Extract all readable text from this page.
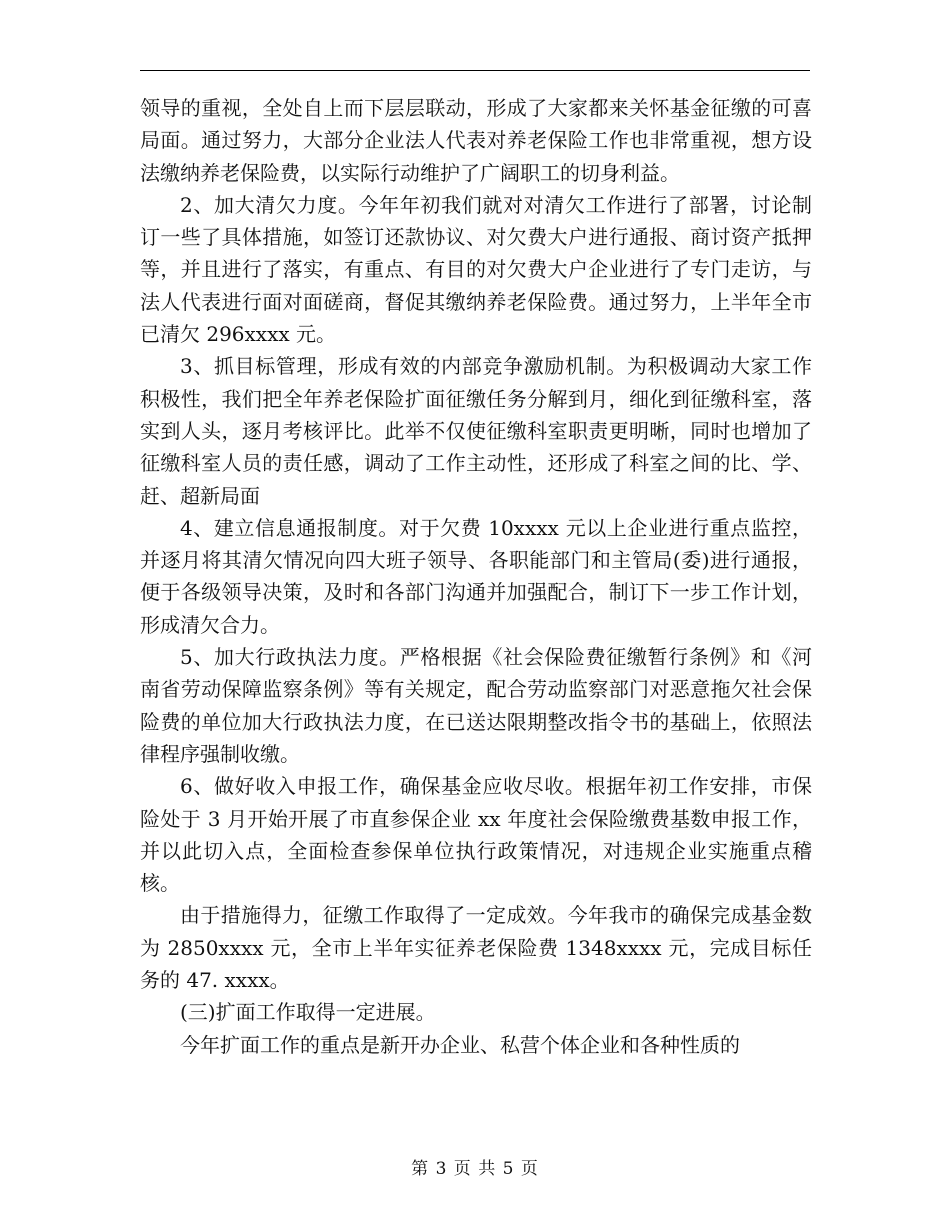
领导的重视，全处自上而下层层联动，形成了大家都来关怀基金征缴的可喜局面。通过努力，大部分企业法人代表对养老保险工作也非常重视，想方设法缴纳养老保险费，以实际行动维护了广阔职工的切身利益。

2、加大清欠力度。今年年初我们就对对清欠工作进行了部署，讨论制订一些了具体措施，如签订还款协议、对欠费大户进行通报、商讨资产抵押等，并且进行了落实，有重点、有目的对欠费大户企业进行了专门走访，与法人代表进行面对面磋商，督促其缴纳养老保险费。通过努力，上半年全市已清欠 296xxxx 元。

3、抓目标管理，形成有效的内部竞争激励机制。为积极调动大家工作积极性，我们把全年养老保险扩面征缴任务分解到月，细化到征缴科室，落实到人头，逐月考核评比。此举不仅使征缴科室职责更明晰，同时也增加了征缴科室人员的责任感，调动了工作主动性，还形成了科室之间的比、学、赶、超新局面

4、建立信息通报制度。对于欠费 10xxxx 元以上企业进行重点监控，并逐月将其清欠情况向四大班子领导、各职能部门和主管局(委)进行通报，便于各级领导决策，及时和各部门沟通并加强配合，制订下一步工作计划，形成清欠合力。

5、加大行政执法力度。严格根据《社会保险费征缴暂行条例》和《河南省劳动保障监察条例》等有关规定，配合劳动监察部门对恶意拖欠社会保险费的单位加大行政执法力度，在已送达限期整改指令书的基础上，依照法律程序强制收缴。

6、做好收入申报工作，确保基金应收尽收。根据年初工作安排，市保险处于 3 月开始开展了市直参保企业 xx 年度社会保险缴费基数申报工作，并以此切入点，全面检查参保单位执行政策情况，对违规企业实施重点稽核。

由于措施得力，征缴工作取得了一定成效。今年我市的确保完成基金数为 2850xxxx 元，全市上半年实征养老保险费 1348xxxx 元，完成目标任务的 47. xxxx。

(三)扩面工作取得一定进展。

今年扩面工作的重点是新开办企业、私营个体企业和各种性质的

第 3 页 共 5 页
